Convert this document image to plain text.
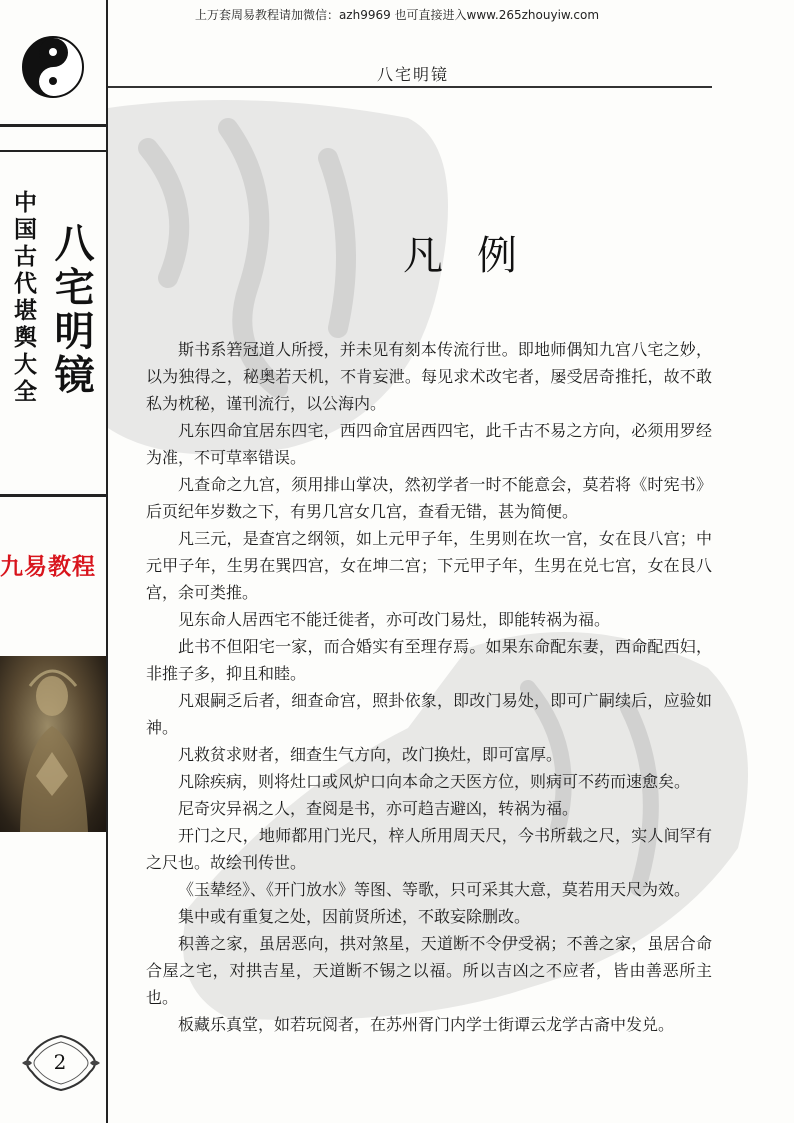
上万套周易教程请加微信：azh9969 也可直接进入www.265zhouyiw.com
中国古代堪舆大全 八宅明镜
九易教程
2
八宅明镜
凡例

斯书系箬冠道人所授，并未见有刻本传流行世。即地师偶知九宫八宅之妙，以为独得之，秘奥若天机，不肯妄泄。每见求术改宅者，屡受居奇推托，故不敢私为枕秘，谨刊流行，以公海内。

凡东四命宜居东四宅，西四命宜居西四宅，此千古不易之方向，必须用罗经为准，不可草率错误。

凡查命之九宫，须用排山掌决，然初学者一时不能意会，莫若将《时宪书》后页纪年岁数之下，有男几宫女几宫，查看无错，甚为简便。

凡三元，是查宫之纲领，如上元甲子年，生男则在坎一宫，女在艮八宫；中元甲子年，生男在巽四宫，女在坤二宫；下元甲子年，生男在兑七宫，女在艮八宫，余可类推。

见东命人居西宅不能迁徙者，亦可改门易灶，即能转祸为福。

此书不但阳宅一家，而合婚实有至理存焉。如果东命配东妻，西命配西妇，非推子多，抑且和睦。

凡艰嗣乏后者，细查命宫，照卦依象，即改门易处，即可广嗣续后，应验如神。

凡救贫求财者，细查生气方向，改门换灶，即可富厚。

凡除疾病，则将灶口或风炉口向本命之天医方位，则病可不药而速愈矣。

尼奇灾异祸之人，查阅是书，亦可趋吉避凶，转祸为福。

开门之尺，地师都用门光尺，梓人所用周天尺，今书所载之尺，实人间罕有之尺也。故绘刊传世。

《玉辇经》、《开门放水》等图、等歌，只可采其大意，莫若用天尺为效。

集中或有重复之处，因前贤所述，不敢妄除删改。

积善之家，虽居恶向，拱对煞星，天道断不令伊受祸；不善之家，虽居合命合屋之宅，对拱吉星，天道断不锡之以福。所以吉凶之不应者，皆由善恶所主也。

板藏乐真堂，如若玩阅者，在苏州胥门内学士街谭云龙学古斋中发兑。
